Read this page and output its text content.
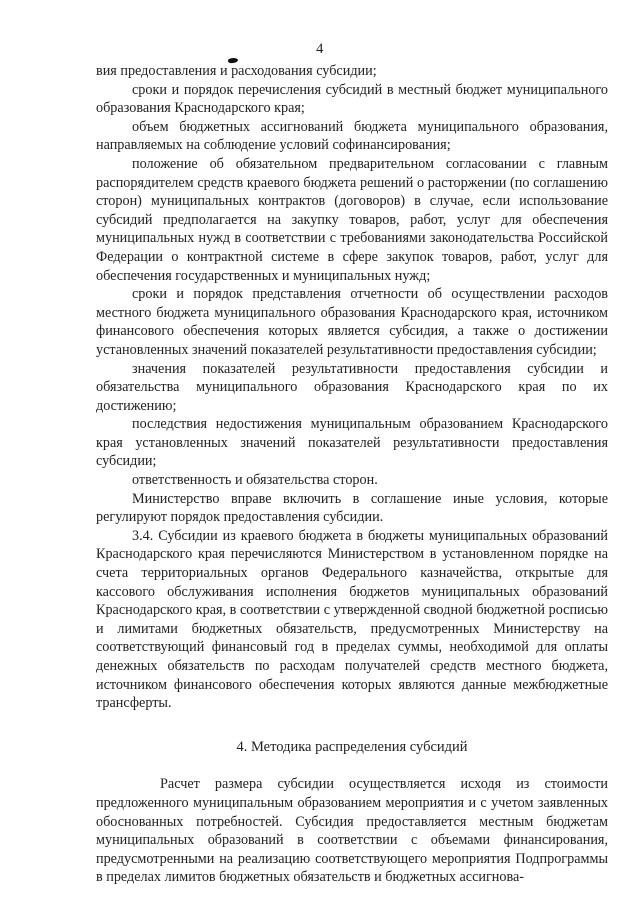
4

вия предоставления и расходования субсидии;

сроки и порядок перечисления субсидий в местный бюджет муниципального образования Краснодарского края;

объем бюджетных ассигнований бюджета муниципального образования, направляемых на соблюдение условий софинансирования;

положение об обязательном предварительном согласовании с главным распорядителем средств краевого бюджета решений о расторжении (по соглашению сторон) муниципальных контрактов (договоров) в случае, если использование субсидий предполагается на закупку товаров, работ, услуг для обеспечения муниципальных нужд в соответствии с требованиями законодательства Российской Федерации о контрактной системе в сфере закупок товаров, работ, услуг для обеспечения государственных и муниципальных нужд;

сроки и порядок представления отчетности об осуществлении расходов местного бюджета муниципального образования Краснодарского края, источником финансового обеспечения которых является субсидия, а также о достижении установленных значений показателей результативности предоставления субсидии;

значения показателей результативности предоставления субсидии и обязательства муниципального образования Краснодарского края по их достижению;

последствия недостижения муниципальным образованием Краснодарского края установленных значений показателей результативности предоставления субсидии;

ответственность и обязательства сторон.

Министерство вправе включить в соглашение иные условия, которые регулируют порядок предоставления субсидии.

3.4. Субсидии из краевого бюджета в бюджеты муниципальных образований Краснодарского края перечисляются Министерством в установленном порядке на счета территориальных органов Федерального казначейства, открытые для кассового обслуживания исполнения бюджетов муниципальных образований Краснодарского края, в соответствии с утвержденной сводной бюджетной росписью и лимитами бюджетных обязательств, предусмотренных Министерству на соответствующий финансовый год в пределах суммы, необходимой для оплаты денежных обязательств по расходам получателей средств местного бюджета, источником финансового обеспечения которых являются данные межбюджетные трансферты.

4. Методика распределения субсидий

Расчет размера субсидии осуществляется исходя из стоимости предложенного муниципальным образованием мероприятия и с учетом заявленных обоснованных потребностей. Субсидия предоставляется местным бюджетам муниципальных образований в соответствии с объемами финансирования, предусмотренными на реализацию соответствующего мероприятия Подпрограммы в пределах лимитов бюджетных обязательств и бюджетных ассигнова-
